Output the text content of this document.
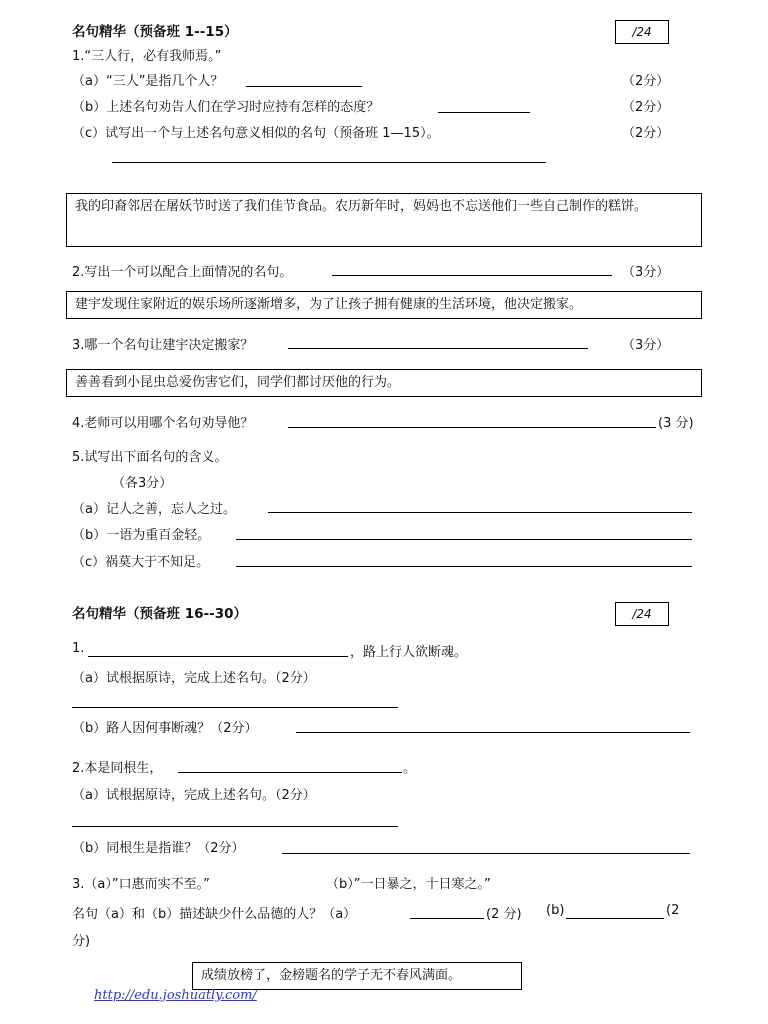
名句精华（预备班 1--15）	/24
1.“三人行，必有我师焉。”
（a）“三人”是指几个人？	（2分）
（b）上述名句劝告人们在学习时应持有怎样的态度？	（2分）
（c）试写出一个与上述名句意义相似的名句（预备班 1—15）。	（2分）
我的印裔邻居在屠妖节时送了我们佳节食品。农历新年时，妈妈也不忘送他们一些自己制作的糕饼。
2.写出一个可以配合上面情况的名句。	（3分）
建宇发现住家附近的娱乐场所逐渐增多，为了让孩子拥有健康的生活环境，他决定搬家。
3.哪一个名句让建宇决定搬家？	（3分）
善善看到小昆虫总爱伤害它们，同学们都讨厌他的行为。
4.老师可以用哪个名句劝导他？	(3 分)
5.试写出下面名句的含义。
（各3分）
（a）记人之善，忘人之过。
（b）一语为重百金轻。
（c）祸莫大于不知足。
名句精华（预备班 16--30）	/24
1.	，路上行人欲断魂。
（a）试根据原诗，完成上述名句。（2分）
（b）路人因何事断魂？（2分）
2.本是同根生，	。
（a）试根据原诗，完成上述名句。（2分）
（b）同根生是指谁？（2分）
3.（a）”口惠而实不至。”	（b）”一日暴之，十日寒之。”
名句（a）和（b）描述缺少什么品德的人？（a）	(2 分) (b)	(2
分)
成绩放榜了，金榜题名的学子无不春风满面。
http://edu.joshuatly.com/
